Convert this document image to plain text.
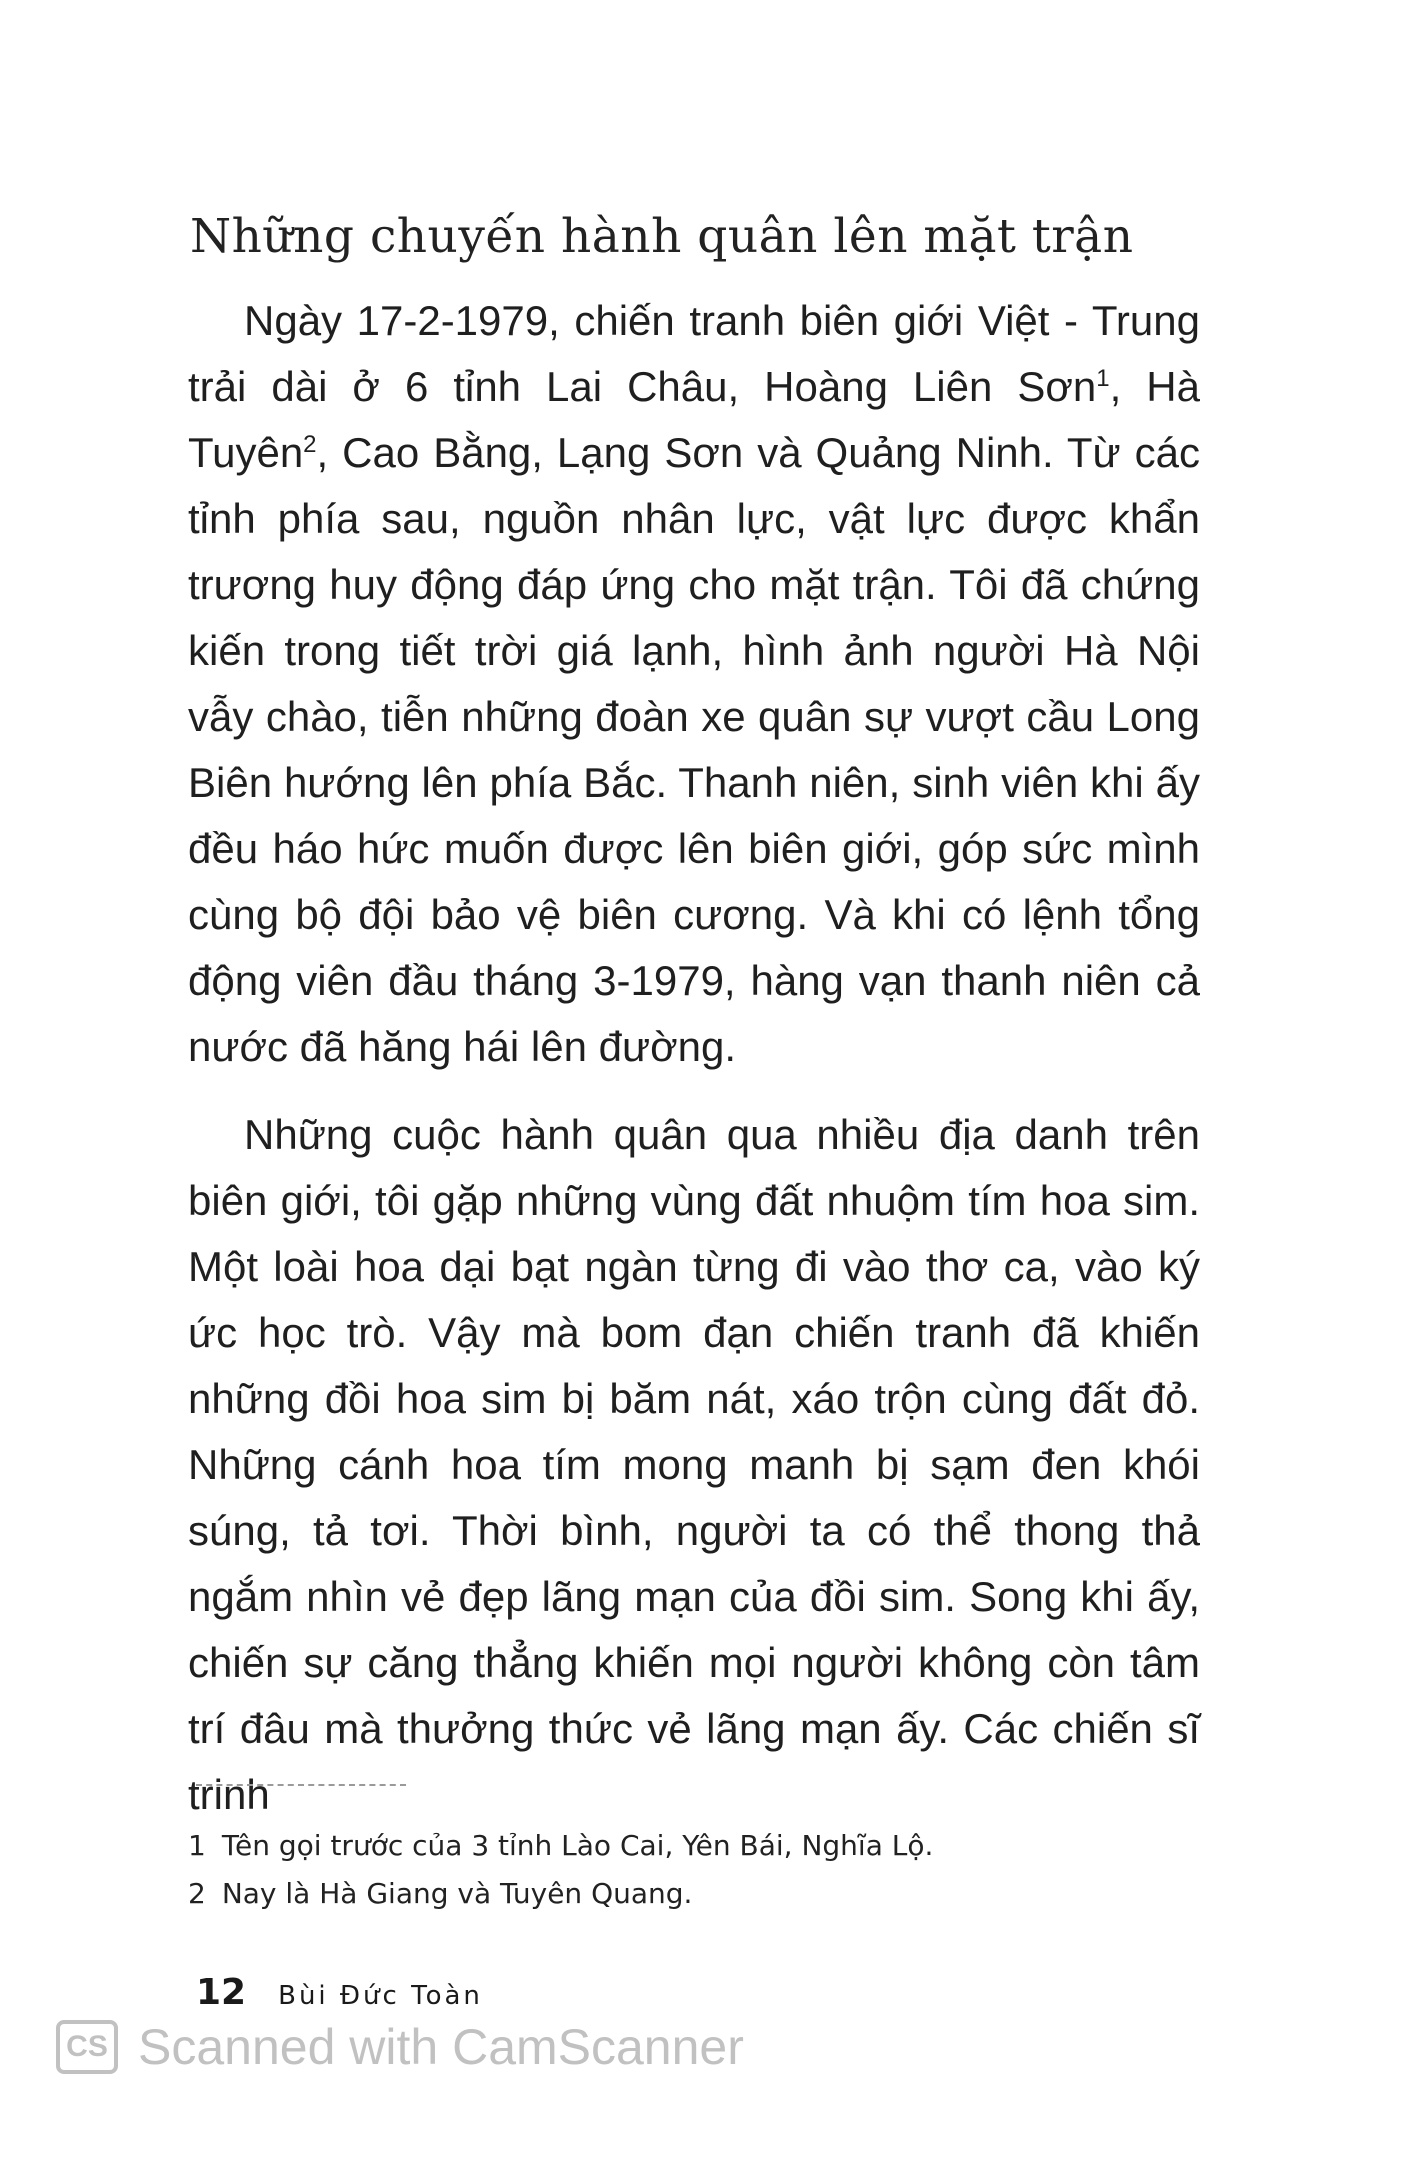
Những chuyến hành quân lên mặt trận

Ngày 17-2-1979, chiến tranh biên giới Việt - Trung trải dài ở 6 tỉnh Lai Châu, Hoàng Liên Sơn$^1$, Hà Tuyên$^2$, Cao Bằng, Lạng Sơn và Quảng Ninh. Từ các tỉnh phía sau, nguồn nhân lực, vật lực được khẩn trương huy động đáp ứng cho mặt trận. Tôi đã chứng kiến trong tiết trời giá lạnh, hình ảnh người Hà Nội vẫy chào, tiễn những đoàn xe quân sự vượt cầu Long Biên hướng lên phía Bắc. Thanh niên, sinh viên khi ấy đều háo hức muốn được lên biên giới, góp sức mình cùng bộ đội bảo vệ biên cương. Và khi có lệnh tổng động viên đầu tháng 3-1979, hàng vạn thanh niên cả nước đã hăng hái lên đường.

Những cuộc hành quân qua nhiều địa danh trên biên giới, tôi gặp những vùng đất nhuộm tím hoa sim. Một loài hoa dại bạt ngàn từng đi vào thơ ca, vào ký ức học trò. Vậy mà bom đạn chiến tranh đã khiến những đồi hoa sim bị băm nát, xáo trộn cùng đất đỏ. Những cánh hoa tím mong manh bị sạm đen khói súng, tả tơi. Thời bình, người ta có thể thong thả ngắm nhìn vẻ đẹp lãng mạn của đồi sim. Song khi ấy, chiến sự căng thẳng khiến mọi người không còn tâm trí đâu mà thưởng thức vẻ lãng mạn ấy. Các chiến sĩ trinh

1 Tên gọi trước của 3 tỉnh Lào Cai, Yên Bái, Nghĩa Lộ.
2 Nay là Hà Giang và Tuyên Quang.
12 Bùi Đức Toàn
CS Scanned with CamScanner
